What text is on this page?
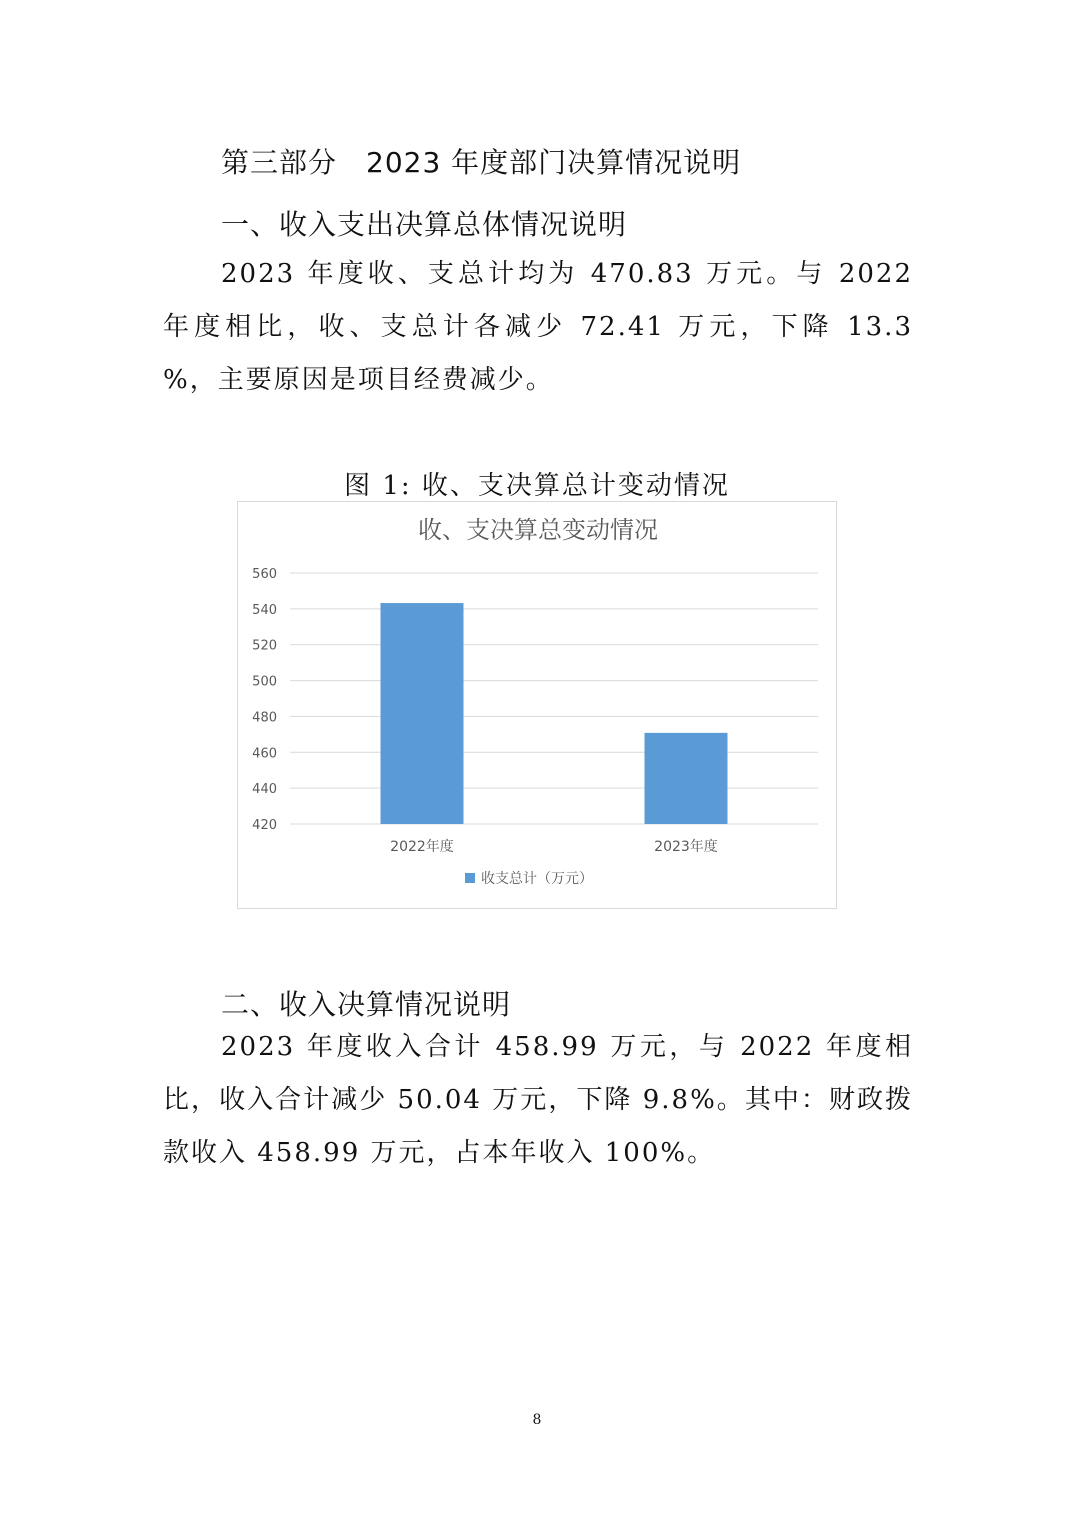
第三部分　2023 年度部门决算情况说明
一、收入支出决算总体情况说明

2023 年度收、支总计均为 470.83 万元。与 2022 年度相比，收、支总计各减少 72.41 万元，下降 13.3 %，主要原因是项目经费减少。

图 1: 收、支决算总计变动情况

收、支决算总变动情况
420
440
460
480
500
520
540
560
2022年度	2023年度
收支总计（万元）
二、收入决算情况说明

2023 年度收入合计 458.99 万元，与 2022 年度相比，收入合计减少 50.04 万元，下降 9.8%。其中：财政拨款收入 458.99 万元，占本年收入 100%。

8
